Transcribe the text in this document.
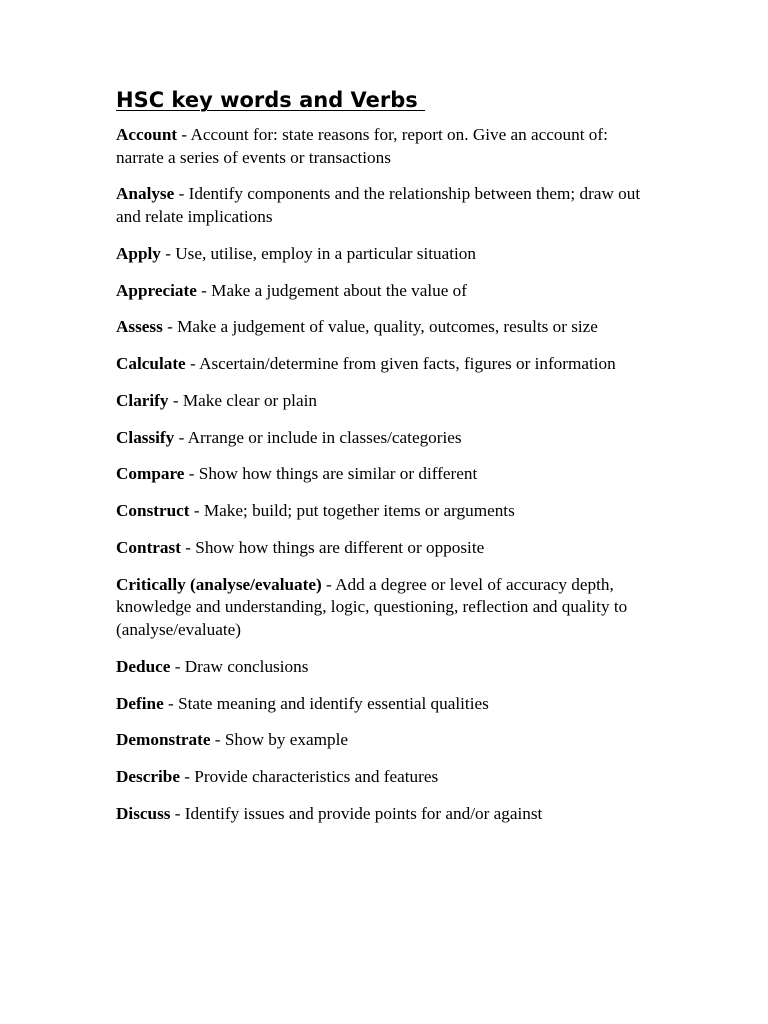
HSC key words and Verbs
Account - Account for: state reasons for, report on. Give an account of: narrate a series of events or transactions
Analyse - Identify components and the relationship between them; draw out and relate implications
Apply - Use, utilise, employ in a particular situation
Appreciate - Make a judgement about the value of
Assess - Make a judgement of value, quality, outcomes, results or size
Calculate - Ascertain/determine from given facts, figures or information
Clarify - Make clear or plain
Classify - Arrange or include in classes/categories
Compare - Show how things are similar or different
Construct - Make; build; put together items or arguments
Contrast - Show how things are different or opposite
Critically (analyse/evaluate) - Add a degree or level of accuracy depth, knowledge and understanding, logic, questioning, reflection and quality to (analyse/evaluate)
Deduce - Draw conclusions
Define - State meaning and identify essential qualities
Demonstrate - Show by example
Describe - Provide characteristics and features
Discuss - Identify issues and provide points for and/or against
